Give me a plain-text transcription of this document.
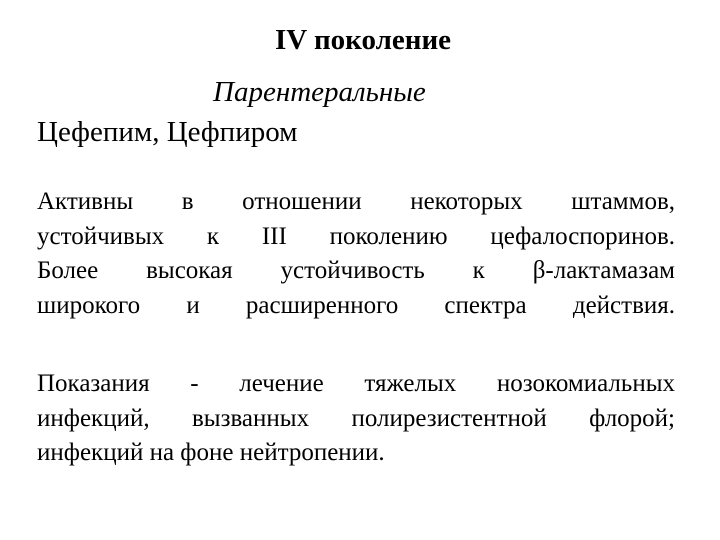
IV поколение
Парентеральные
Цефепим, Цефпиром
Активны в отношении некоторых штаммов,
устойчивых к III поколению цефалоспоринов.
Более высокая устойчивость к β-лактамазам
широкого и расширенного спектра действия.
Показания - лечение тяжелых нозокомиальных
инфекций, вызванных полирезистентной флорой;
инфекций на фоне нейтропении.
